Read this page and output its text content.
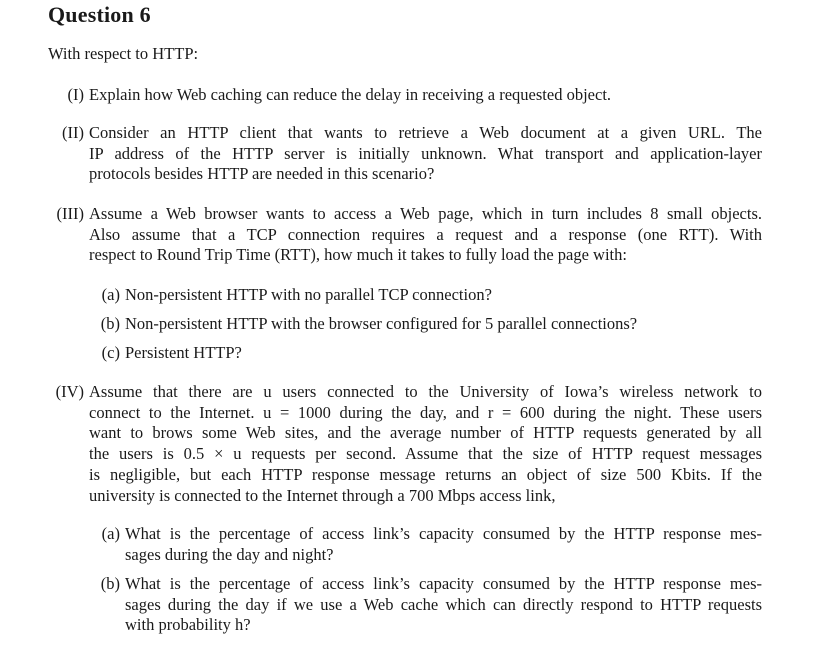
Question 6
With respect to HTTP:
(I) Explain how Web caching can reduce the delay in receiving a requested object.
(II) Consider an HTTP client that wants to retrieve a Web document at a given URL. The
IP address of the HTTP server is initially unknown. What transport and application-layer
protocols besides HTTP are needed in this scenario?
(III) Assume a Web browser wants to access a Web page, which in turn includes 8 small objects.
Also assume that a TCP connection requires a request and a response (one RTT). With
respect to Round Trip Time (RTT), how much it takes to fully load the page with:
(a) Non-persistent HTTP with no parallel TCP connection?
(b) Non-persistent HTTP with the browser configured for 5 parallel connections?
(c) Persistent HTTP?
(IV) Assume that there are u users connected to the University of Iowa’s wireless network to
connect to the Internet. u = 1000 during the day, and r = 600 during the night. These users
want to brows some Web sites, and the average number of HTTP requests generated by all
the users is 0.5 × u requests per second. Assume that the size of HTTP request messages
is negligible, but each HTTP response message returns an object of size 500 Kbits. If the
university is connected to the Internet through a 700 Mbps access link,
(a) What is the percentage of access link’s capacity consumed by the HTTP response mes-
sages during the day and night?
(b) What is the percentage of access link’s capacity consumed by the HTTP response mes-
sages during the day if we use a Web cache which can directly respond to HTTP requests
with probability h?
